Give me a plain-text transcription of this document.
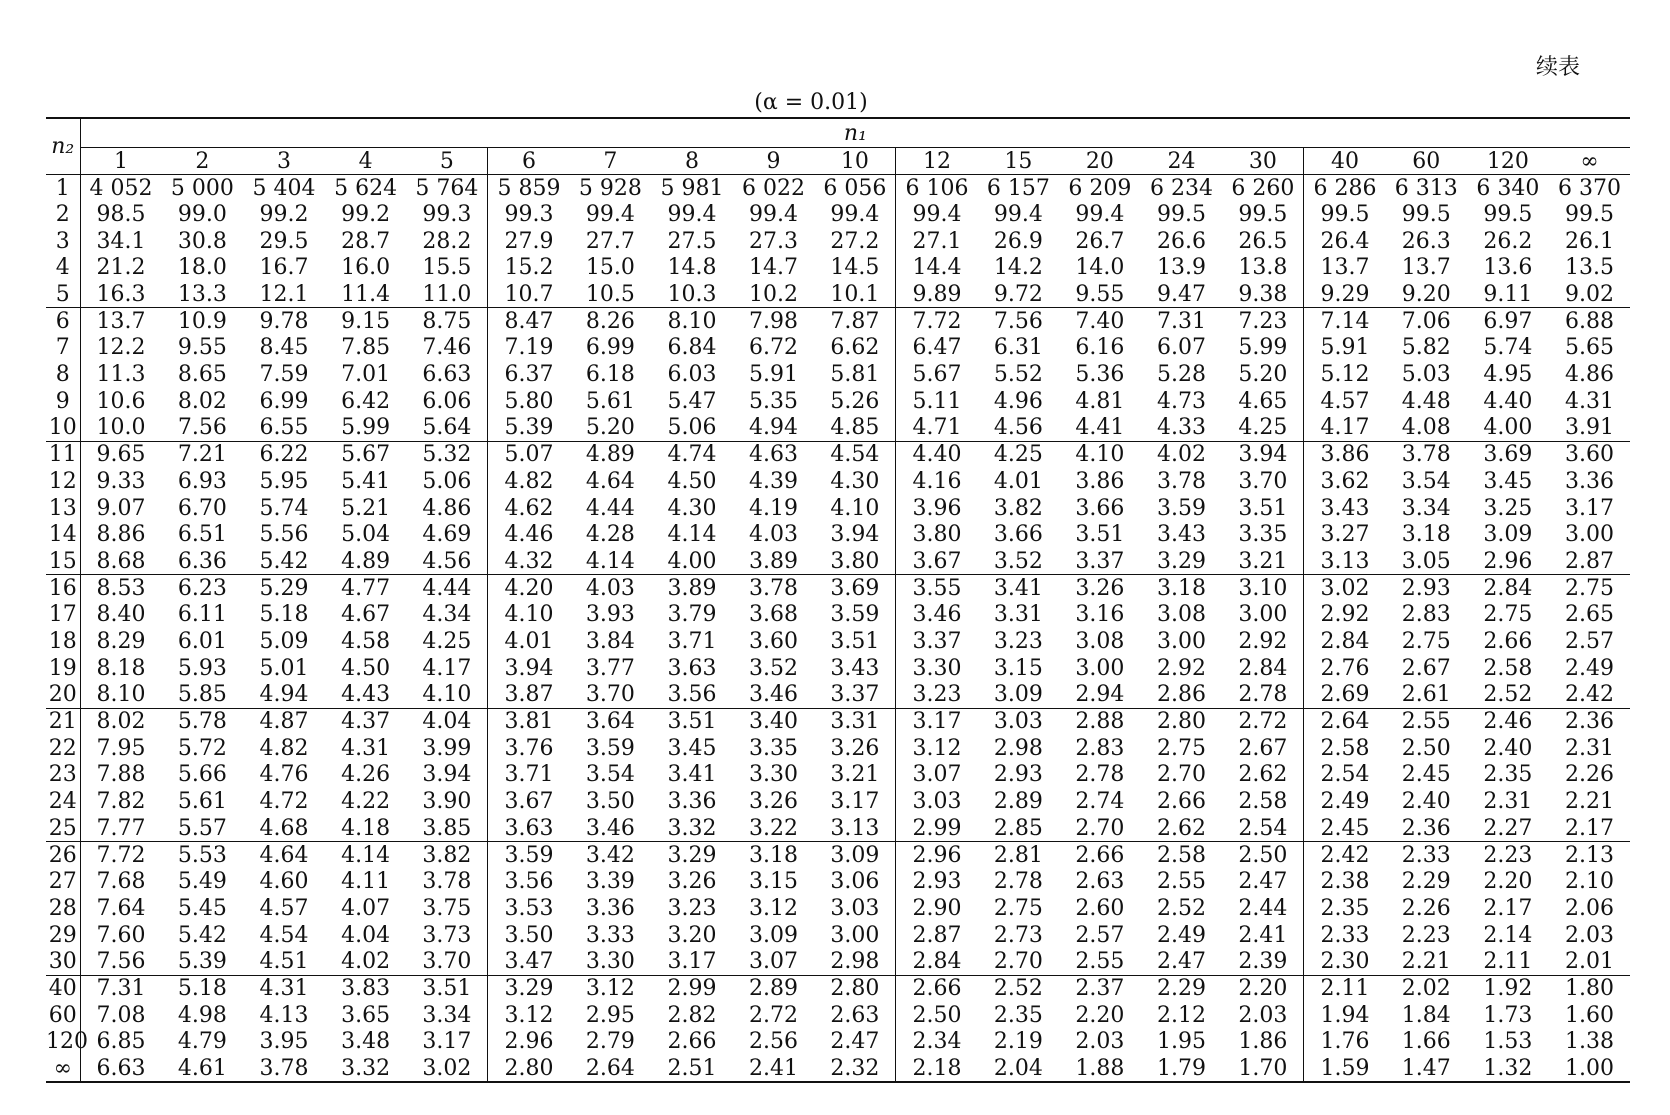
续表
(α = 0.01)
n₂	n₁																		
	1	2	3	4	5	6	7	8	9	10	12	15	20	24	30	40	60	120	∞
1	4 052	5 000	5 404	5 624	5 764	5 859	5 928	5 981	6 022	6 056	6 106	6 157	6 209	6 234	6 260	6 286	6 313	6 340	6 370
2	98.5	99.0	99.2	99.2	99.3	99.3	99.4	99.4	99.4	99.4	99.4	99.4	99.4	99.5	99.5	99.5	99.5	99.5	99.5
3	34.1	30.8	29.5	28.7	28.2	27.9	27.7	27.5	27.3	27.2	27.1	26.9	26.7	26.6	26.5	26.4	26.3	26.2	26.1
4	21.2	18.0	16.7	16.0	15.5	15.2	15.0	14.8	14.7	14.5	14.4	14.2	14.0	13.9	13.8	13.7	13.7	13.6	13.5
5	16.3	13.3	12.1	11.4	11.0	10.7	10.5	10.3	10.2	10.1	9.89	9.72	9.55	9.47	9.38	9.29	9.20	9.11	9.02
6	13.7	10.9	9.78	9.15	8.75	8.47	8.26	8.10	7.98	7.87	7.72	7.56	7.40	7.31	7.23	7.14	7.06	6.97	6.88
7	12.2	9.55	8.45	7.85	7.46	7.19	6.99	6.84	6.72	6.62	6.47	6.31	6.16	6.07	5.99	5.91	5.82	5.74	5.65
8	11.3	8.65	7.59	7.01	6.63	6.37	6.18	6.03	5.91	5.81	5.67	5.52	5.36	5.28	5.20	5.12	5.03	4.95	4.86
9	10.6	8.02	6.99	6.42	6.06	5.80	5.61	5.47	5.35	5.26	5.11	4.96	4.81	4.73	4.65	4.57	4.48	4.40	4.31
10	10.0	7.56	6.55	5.99	5.64	5.39	5.20	5.06	4.94	4.85	4.71	4.56	4.41	4.33	4.25	4.17	4.08	4.00	3.91
11	9.65	7.21	6.22	5.67	5.32	5.07	4.89	4.74	4.63	4.54	4.40	4.25	4.10	4.02	3.94	3.86	3.78	3.69	3.60
12	9.33	6.93	5.95	5.41	5.06	4.82	4.64	4.50	4.39	4.30	4.16	4.01	3.86	3.78	3.70	3.62	3.54	3.45	3.36
13	9.07	6.70	5.74	5.21	4.86	4.62	4.44	4.30	4.19	4.10	3.96	3.82	3.66	3.59	3.51	3.43	3.34	3.25	3.17
14	8.86	6.51	5.56	5.04	4.69	4.46	4.28	4.14	4.03	3.94	3.80	3.66	3.51	3.43	3.35	3.27	3.18	3.09	3.00
15	8.68	6.36	5.42	4.89	4.56	4.32	4.14	4.00	3.89	3.80	3.67	3.52	3.37	3.29	3.21	3.13	3.05	2.96	2.87
16	8.53	6.23	5.29	4.77	4.44	4.20	4.03	3.89	3.78	3.69	3.55	3.41	3.26	3.18	3.10	3.02	2.93	2.84	2.75
17	8.40	6.11	5.18	4.67	4.34	4.10	3.93	3.79	3.68	3.59	3.46	3.31	3.16	3.08	3.00	2.92	2.83	2.75	2.65
18	8.29	6.01	5.09	4.58	4.25	4.01	3.84	3.71	3.60	3.51	3.37	3.23	3.08	3.00	2.92	2.84	2.75	2.66	2.57
19	8.18	5.93	5.01	4.50	4.17	3.94	3.77	3.63	3.52	3.43	3.30	3.15	3.00	2.92	2.84	2.76	2.67	2.58	2.49
20	8.10	5.85	4.94	4.43	4.10	3.87	3.70	3.56	3.46	3.37	3.23	3.09	2.94	2.86	2.78	2.69	2.61	2.52	2.42
21	8.02	5.78	4.87	4.37	4.04	3.81	3.64	3.51	3.40	3.31	3.17	3.03	2.88	2.80	2.72	2.64	2.55	2.46	2.36
22	7.95	5.72	4.82	4.31	3.99	3.76	3.59	3.45	3.35	3.26	3.12	2.98	2.83	2.75	2.67	2.58	2.50	2.40	2.31
23	7.88	5.66	4.76	4.26	3.94	3.71	3.54	3.41	3.30	3.21	3.07	2.93	2.78	2.70	2.62	2.54	2.45	2.35	2.26
24	7.82	5.61	4.72	4.22	3.90	3.67	3.50	3.36	3.26	3.17	3.03	2.89	2.74	2.66	2.58	2.49	2.40	2.31	2.21
25	7.77	5.57	4.68	4.18	3.85	3.63	3.46	3.32	3.22	3.13	2.99	2.85	2.70	2.62	2.54	2.45	2.36	2.27	2.17
26	7.72	5.53	4.64	4.14	3.82	3.59	3.42	3.29	3.18	3.09	2.96	2.81	2.66	2.58	2.50	2.42	2.33	2.23	2.13
27	7.68	5.49	4.60	4.11	3.78	3.56	3.39	3.26	3.15	3.06	2.93	2.78	2.63	2.55	2.47	2.38	2.29	2.20	2.10
28	7.64	5.45	4.57	4.07	3.75	3.53	3.36	3.23	3.12	3.03	2.90	2.75	2.60	2.52	2.44	2.35	2.26	2.17	2.06
29	7.60	5.42	4.54	4.04	3.73	3.50	3.33	3.20	3.09	3.00	2.87	2.73	2.57	2.49	2.41	2.33	2.23	2.14	2.03
30	7.56	5.39	4.51	4.02	3.70	3.47	3.30	3.17	3.07	2.98	2.84	2.70	2.55	2.47	2.39	2.30	2.21	2.11	2.01
40	7.31	5.18	4.31	3.83	3.51	3.29	3.12	2.99	2.89	2.80	2.66	2.52	2.37	2.29	2.20	2.11	2.02	1.92	1.80
60	7.08	4.98	4.13	3.65	3.34	3.12	2.95	2.82	2.72	2.63	2.50	2.35	2.20	2.12	2.03	1.94	1.84	1.73	1.60
120	6.85	4.79	3.95	3.48	3.17	2.96	2.79	2.66	2.56	2.47	2.34	2.19	2.03	1.95	1.86	1.76	1.66	1.53	1.38
∞	6.63	4.61	3.78	3.32	3.02	2.80	2.64	2.51	2.41	2.32	2.18	2.04	1.88	1.79	1.70	1.59	1.47	1.32	1.00
